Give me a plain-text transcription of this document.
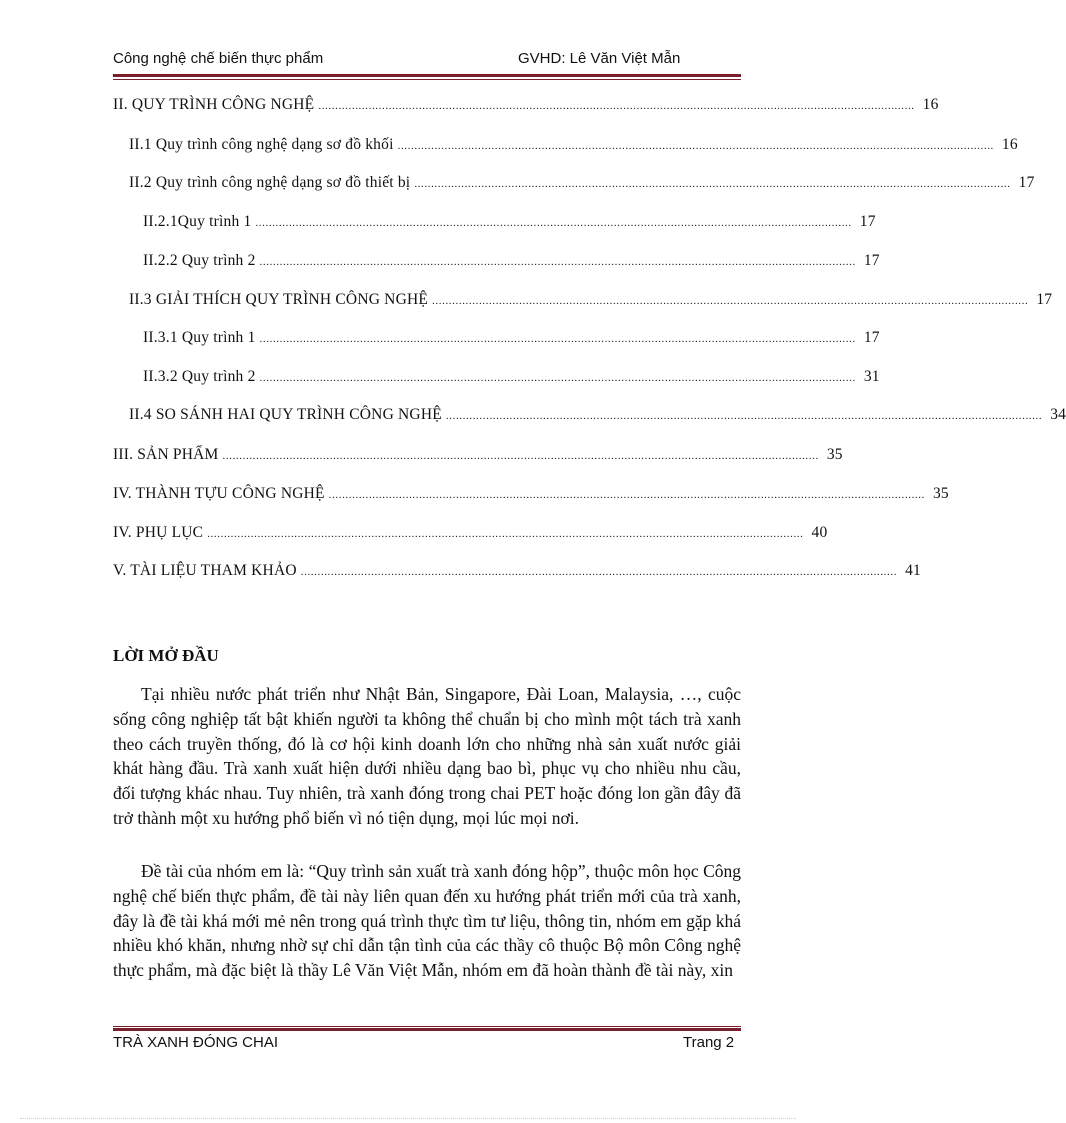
Công nghệ chế biến thực phẩm	GVHD: Lê Văn Việt Mẫn
II. QUY TRÌNH CÔNG NGHỆ .................................................................................................................................................................................. 16
II.1 Quy trình công nghệ dạng sơ đồ khối .................................................................................................................................................................................. 16
II.2 Quy trình công nghệ dạng sơ đồ thiết bị .................................................................................................................................................................................. 17
II.2.1Quy trình 1 .................................................................................................................................................................................. 17
II.2.2 Quy trình 2 .................................................................................................................................................................................. 17
II.3 GIẢI THÍCH QUY TRÌNH CÔNG NGHỆ .................................................................................................................................................................................. 17
II.3.1 Quy trình 1 .................................................................................................................................................................................. 17
II.3.2 Quy trình 2 .................................................................................................................................................................................. 31
II.4 SO SÁNH HAI QUY TRÌNH CÔNG NGHỆ .................................................................................................................................................................................. 34
III. SẢN PHẨM .................................................................................................................................................................................. 35
IV. THÀNH TỰU CÔNG NGHỆ .................................................................................................................................................................................. 35
IV. PHỤ LỤC .................................................................................................................................................................................. 40
V. TÀI LIỆU THAM KHẢO .................................................................................................................................................................................. 41
LỜI MỞ ĐẦU

Tại nhiều nước phát triển như Nhật Bản, Singapore, Đài Loan, Malaysia, …, cuộc sống công nghiệp tất bật khiến người ta không thể chuẩn bị cho mình một tách trà xanh theo cách truyền thống, đó là cơ hội kinh doanh lớn cho những nhà sản xuất nước giải khát hàng đầu. Trà xanh xuất hiện dưới nhiều dạng bao bì, phục vụ cho nhiều nhu cầu, đối tượng khác nhau. Tuy nhiên, trà xanh đóng trong chai PET hoặc đóng lon gần đây đã trở thành một xu hướng phổ biến vì nó tiện dụng, mọi lúc mọi nơi.

Đề tài của nhóm em là: “Quy trình sản xuất trà xanh đóng hộp”, thuộc môn học Công nghệ chế biến thực phẩm, đề tài này liên quan đến xu hướng phát triển mới của trà xanh, đây là đề tài khá mới mẻ nên trong quá trình thực tìm tư liệu, thông tin, nhóm em gặp khá nhiều khó khăn, nhưng nhờ sự chỉ dẫn tận tình của các thầy cô thuộc Bộ môn Công nghệ thực phẩm, mà đặc biệt là thầy Lê Văn Việt Mẫn, nhóm em đã hoàn thành đề tài này, xin

TRÀ XANH ĐÓNG CHAI	Trang 2
